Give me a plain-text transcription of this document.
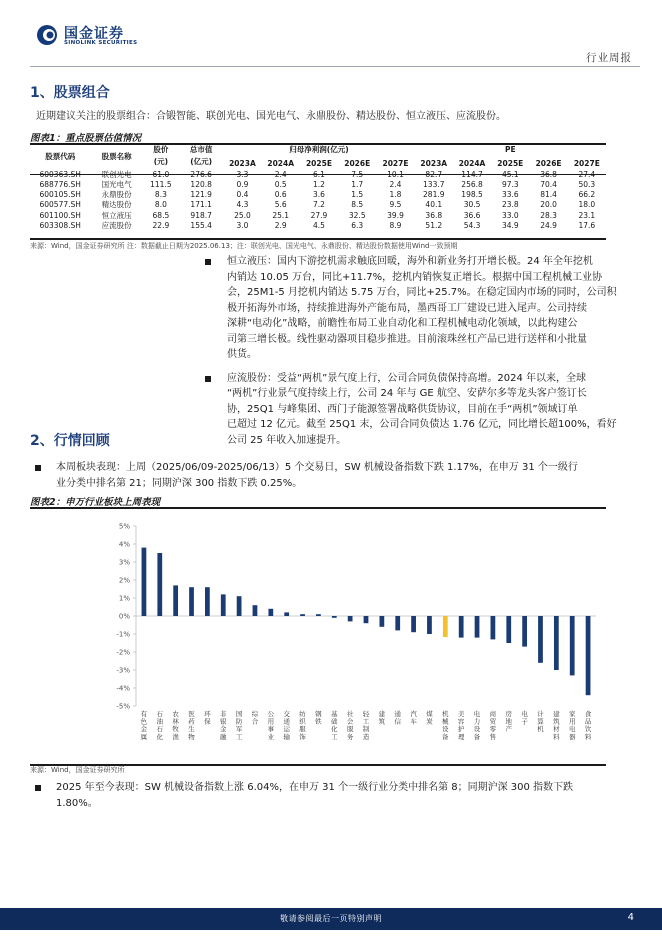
国金证券
SINOLINK SECURITIES
行业周报
1、股票组合
近期建议关注的股票组合：合锻智能、联创光电、国光电气、永鼎股份、精达股份、恒立液压、应流股份。
图表1：重点股票估值情况
股票代码	股票名称	股价	总市值	归母净利润(亿元)					PE				
		(元)	(亿元)										
				2023A	2024A	2025E	2026E	2027E	2023A	2024A	2025E	2026E	2027E
600363.SH	联创光电	61.0	276.6	3.3	2.4	6.1	7.5	10.1	82.7	114.7	45.1	36.8	27.4
688776.SH	国光电气	111.5	120.8	0.9	0.5	1.2	1.7	2.4	133.7	256.8	97.3	70.4	50.3
600105.SH	永鼎股份	8.3	121.9	0.4	0.6	3.6	1.5	1.8	281.9	198.5	33.6	81.4	66.2
600577.SH	精达股份	8.0	171.1	4.3	5.6	7.2	8.5	9.5	40.1	30.5	23.8	20.0	18.0
601100.SH	恒立液压	68.5	918.7	25.0	25.1	27.9	32.5	39.9	36.8	36.6	33.0	28.3	23.1
603308.SH	应流股份	22.9	155.4	3.0	2.9	4.5	6.3	8.9	51.2	54.3	34.9	24.9	17.6
来源：Wind，国金证券研究所 注：数据截止日期为2025.06.13；注：联创光电、国光电气、永鼎股份、精达股份数据使用Wind一致预期
恒立液压：国内下游挖机需求触底回暖，海外和新业务打开增长极。24 年全年挖机
内销达 10.05 万台，同比+11.7%，挖机内销恢复正增长。根据中国工程机械工业协
会，25M1-5 月挖机内销达 5.75 万台，同比+25.7%。在稳定国内市场的同时，公司积
极开拓海外市场，持续推进海外产能布局，墨西哥工厂建设已进入尾声。公司持续
深耕“电动化”战略，前瞻性布局工业自动化和工程机械电动化领域，以此构建公
司第三增长极。线性驱动器项目稳步推进。目前滚珠丝杠产品已进行送样和小批量
供货。
应流股份：受益“两机”景气度上行，公司合同负债保持高增。2024 年以来，全球
“两机”行业景气度持续上行，公司 24 年与 GE 航空、安萨尔多等龙头客户签订长
协，25Q1 与峰集团、西门子能源签署战略供货协议，目前在手“两机”领域订单
已超过 12 亿元。截至 25Q1 末，公司合同负债达 1.76 亿元，同比增长超100%，看好
公司 25 年收入加速提升。
2、行情回顾
本周板块表现：上周（2025/06/09-2025/06/13）5 个交易日，SW 机械设备指数下跌 1.17%，在申万 31 个一级行
业分类中排名第 21；同期沪深 300 指数下跌 0.25%。
图表2：申万行业板块上周表现
5%
4%
3%
2%
1%
0%
-1%
-2%
-3%
-4%
-5%
有色金属
石油石化
农林牧渔
医药生物
环保
非银金融
国防军工
综合
公用事业
交通运输
纺织服饰
钢铁
基础化工
社会服务
轻工制造
建筑
通信
汽车
煤炭
机械设备
美容护理
电力设备
商贸零售
房地产
电子
计算机
建筑材料
家用电器
食品饮料
来源：Wind，国金证券研究所
2025 年至今表现：SW 机械设备指数上涨 6.04%，在申万 31 个一级行业分类中排名第 8；同期沪深 300 指数下跌
1.80%。
敬请参阅最后一页特别声明	4
